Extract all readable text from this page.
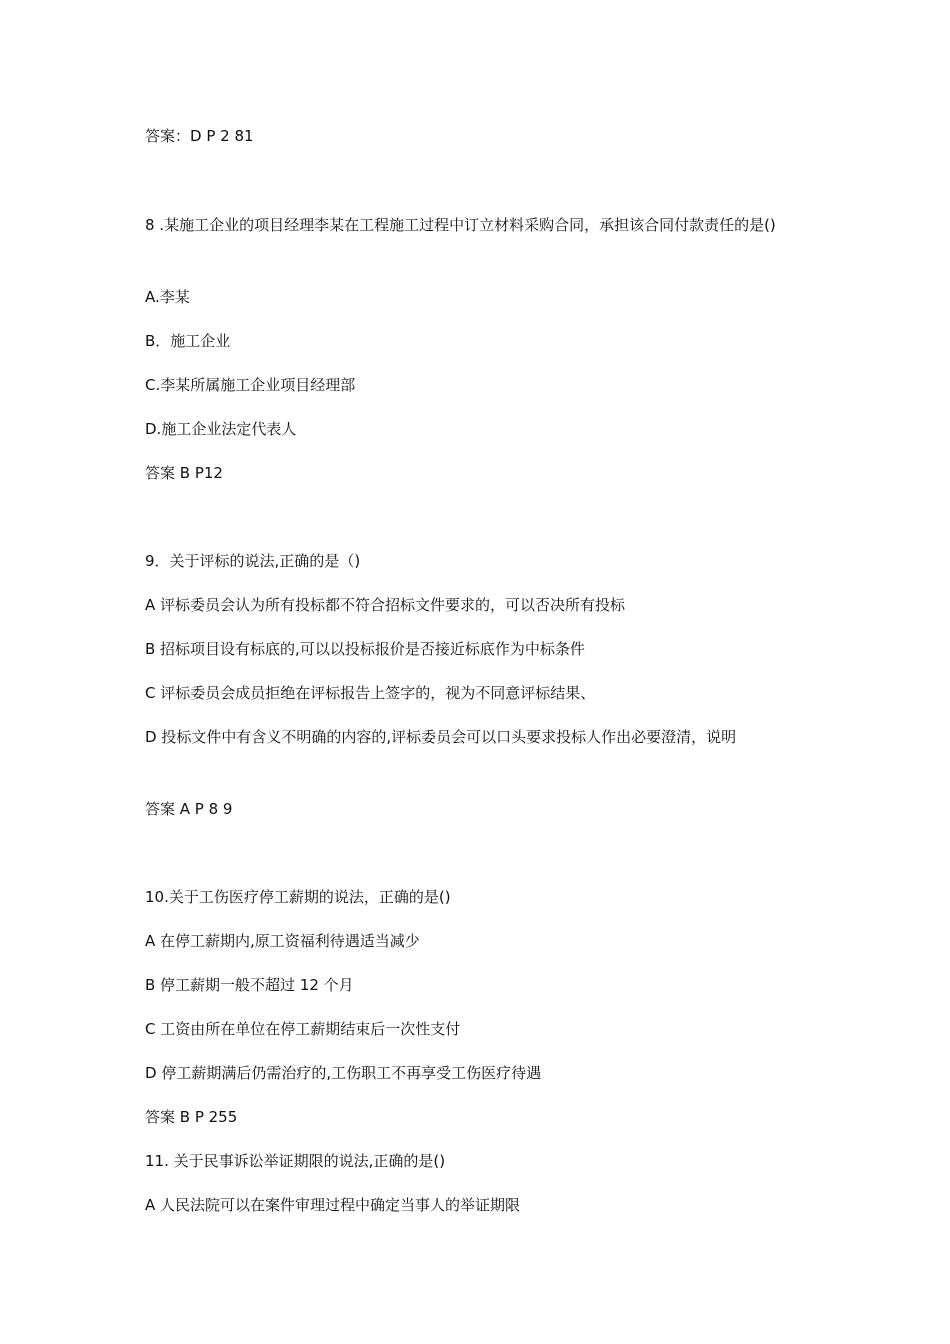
答案：D P 2 81
8 .某施工企业的项目经理李某在工程施工过程中订立材料采购合同，承担该合同付款责任的是()
A.李某
B．施工企业
C.李某所属施工企业项目经理部
D.施工企业法定代表人
答案 B P12
9．关于评标的说法,正确的是（)
A 评标委员会认为所有投标都不符合招标文件要求的，可以否决所有投标
B 招标项目设有标底的,可以以投标报价是否接近标底作为中标条件
C 评标委员会成员拒绝在评标报告上签字的，视为不同意评标结果、
D 投标文件中有含义不明确的内容的,评标委员会可以口头要求投标人作出必要澄清，说明
答案 A P 8 9
10.关于工伤医疗停工薪期的说法，正确的是()
A 在停工薪期内,原工资福利待遇适当减少
B 停工薪期一般不超过 12 个月
C 工资由所在单位在停工薪期结束后一次性支付
D 停工薪期满后仍需治疗的,工伤职工不再享受工伤医疗待遇
答案 B P 255
11. 关于民事诉讼举证期限的说法,正确的是()
A 人民法院可以在案件审理过程中确定当事人的举证期限
